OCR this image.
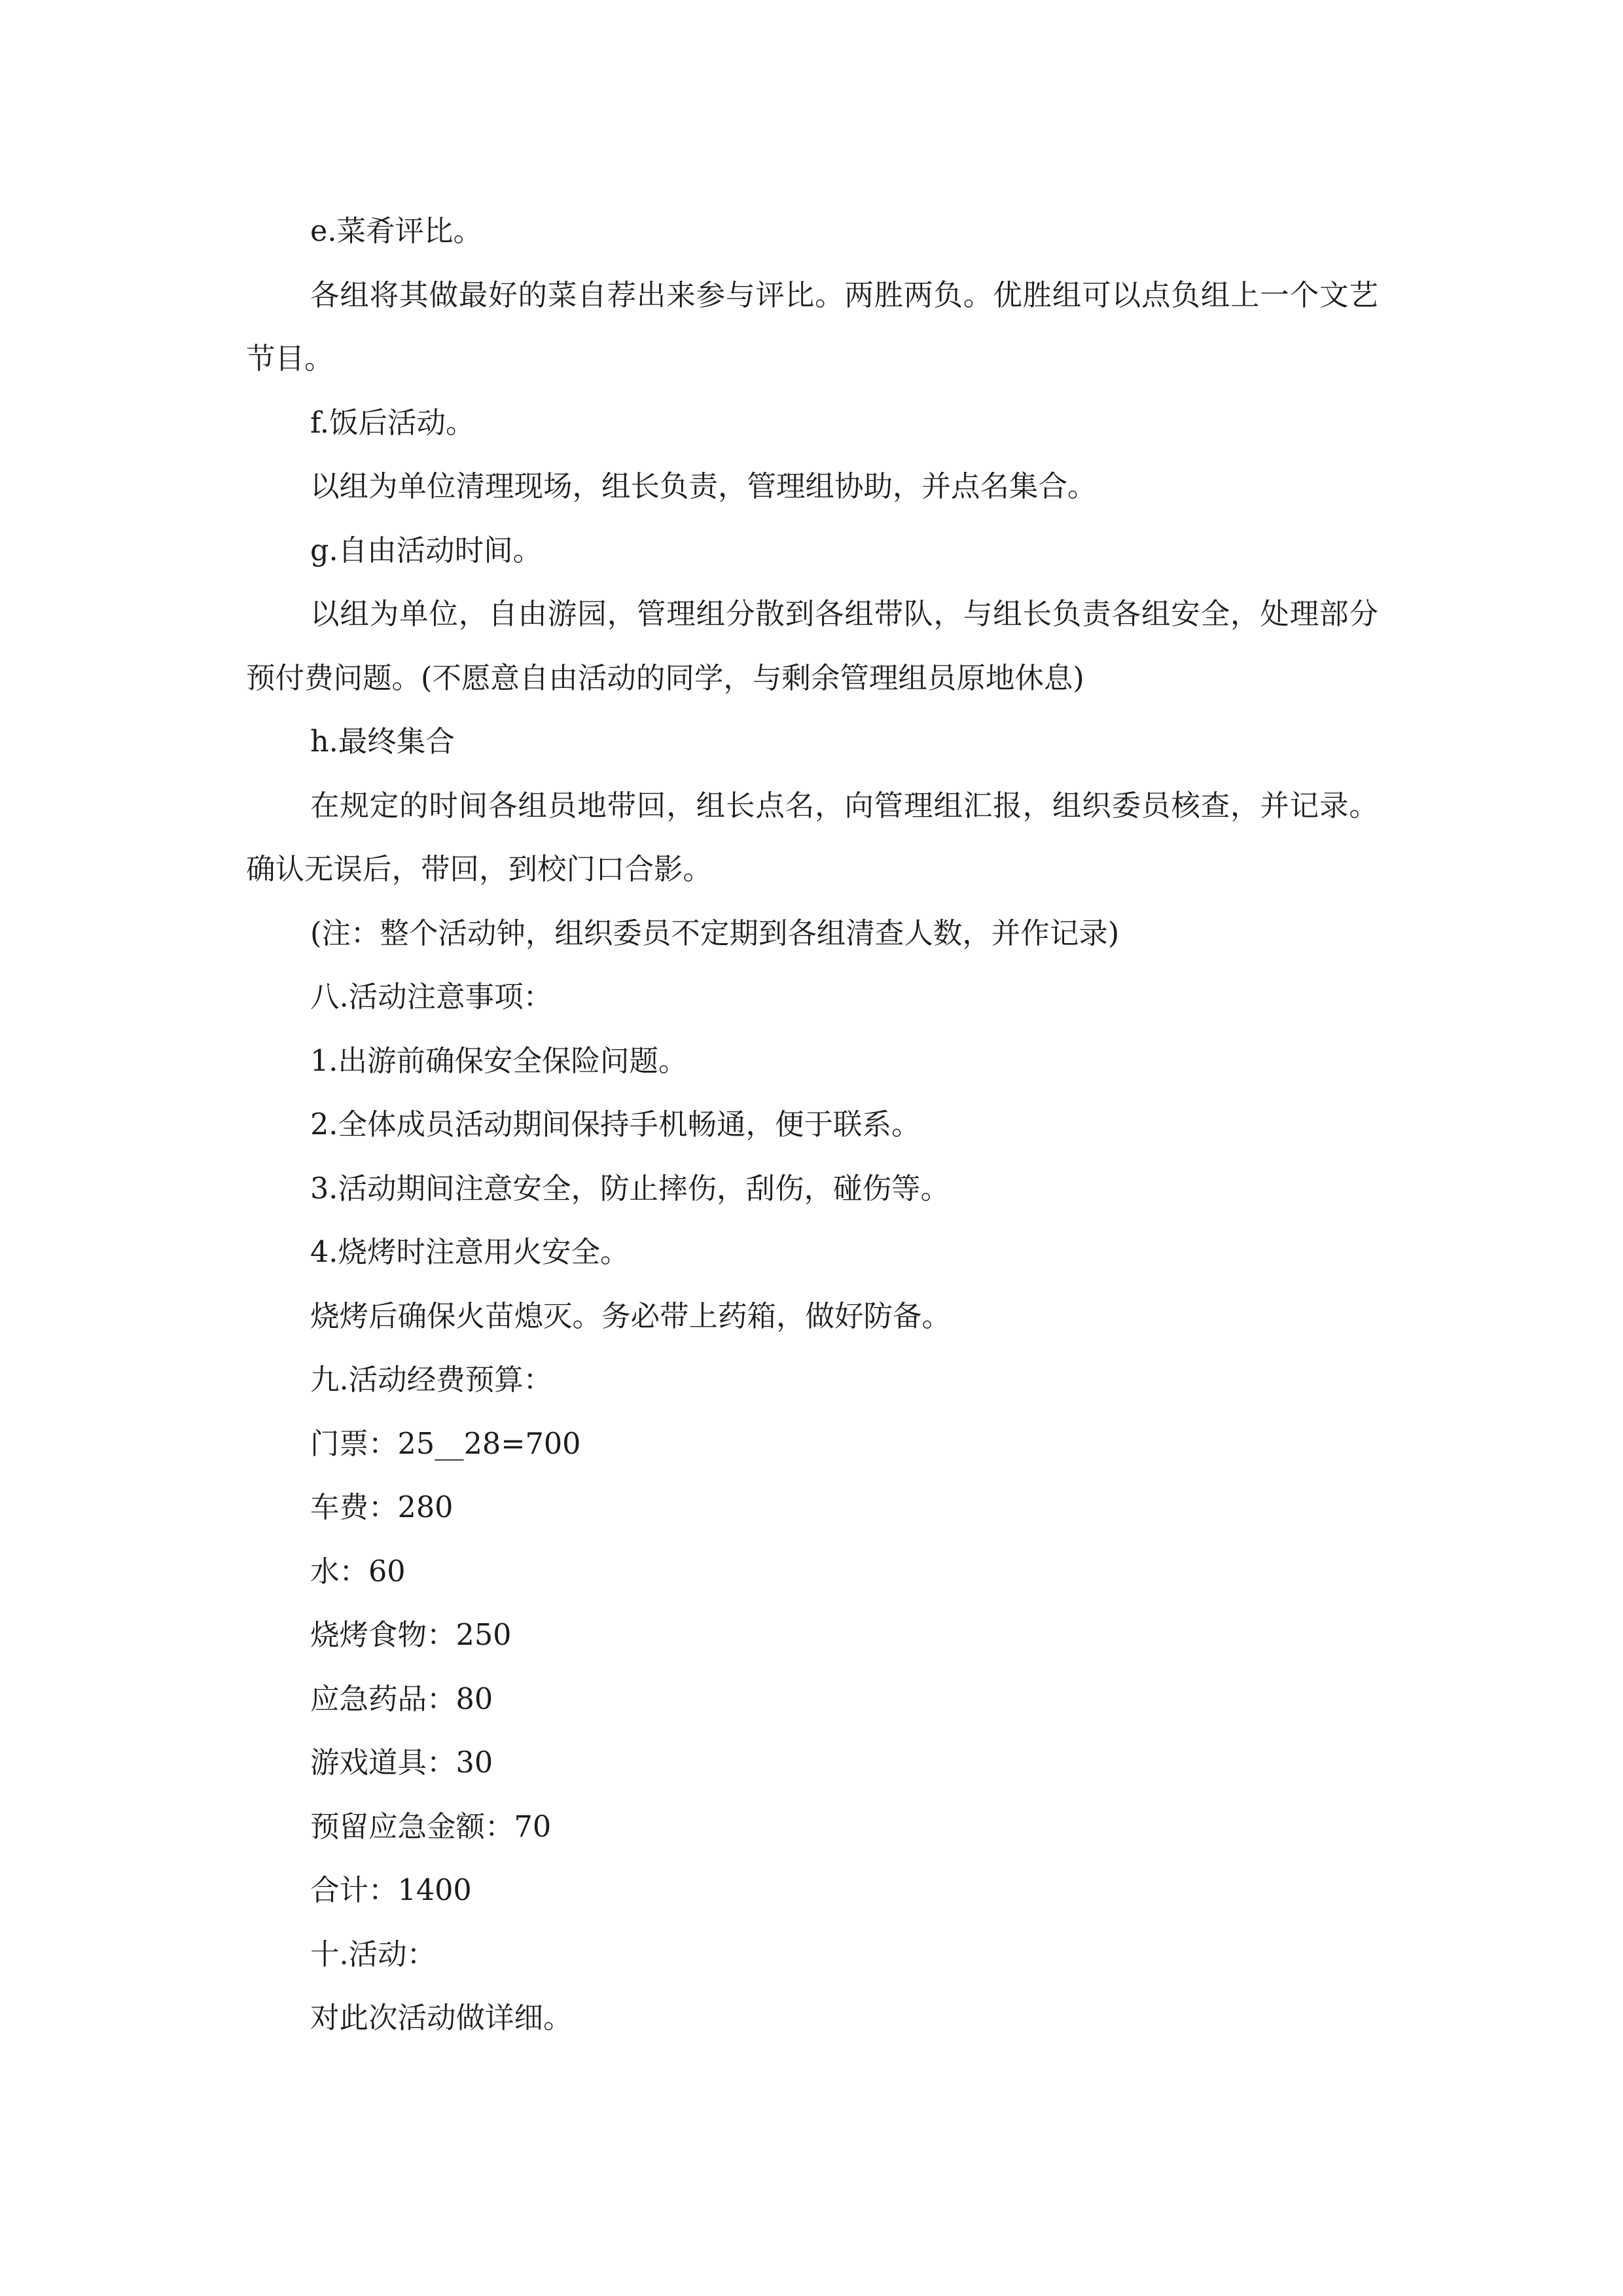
e.菜肴评比。

各组将其做最好的菜自荐出来参与评比。两胜两负。优胜组可以点负组上一个文艺节目。

f.饭后活动。

以组为单位清理现场，组长负责，管理组协助，并点名集合。

g.自由活动时间。

以组为单位，自由游园，管理组分散到各组带队，与组长负责各组安全，处理部分预付费问题。(不愿意自由活动的同学，与剩余管理组员原地休息)

h.最终集合

在规定的时间各组员地带回，组长点名，向管理组汇报，组织委员核查，并记录。确认无误后，带回，到校门口合影。

(注：整个活动钟，组织委员不定期到各组清查人数，并作记录)

八.活动注意事项：

1.出游前确保安全保险问题。

2.全体成员活动期间保持手机畅通，便于联系。

3.活动期间注意安全，防止摔伤，刮伤，碰伤等。

4.烧烤时注意用火安全。

烧烤后确保火苗熄灭。务必带上药箱，做好防备。

九.活动经费预算：

门票：25__28=700

车费：280

水：60

烧烤食物：250

应急药品：80

游戏道具：30

预留应急金额：70

合计：1400

十.活动：

对此次活动做详细。
